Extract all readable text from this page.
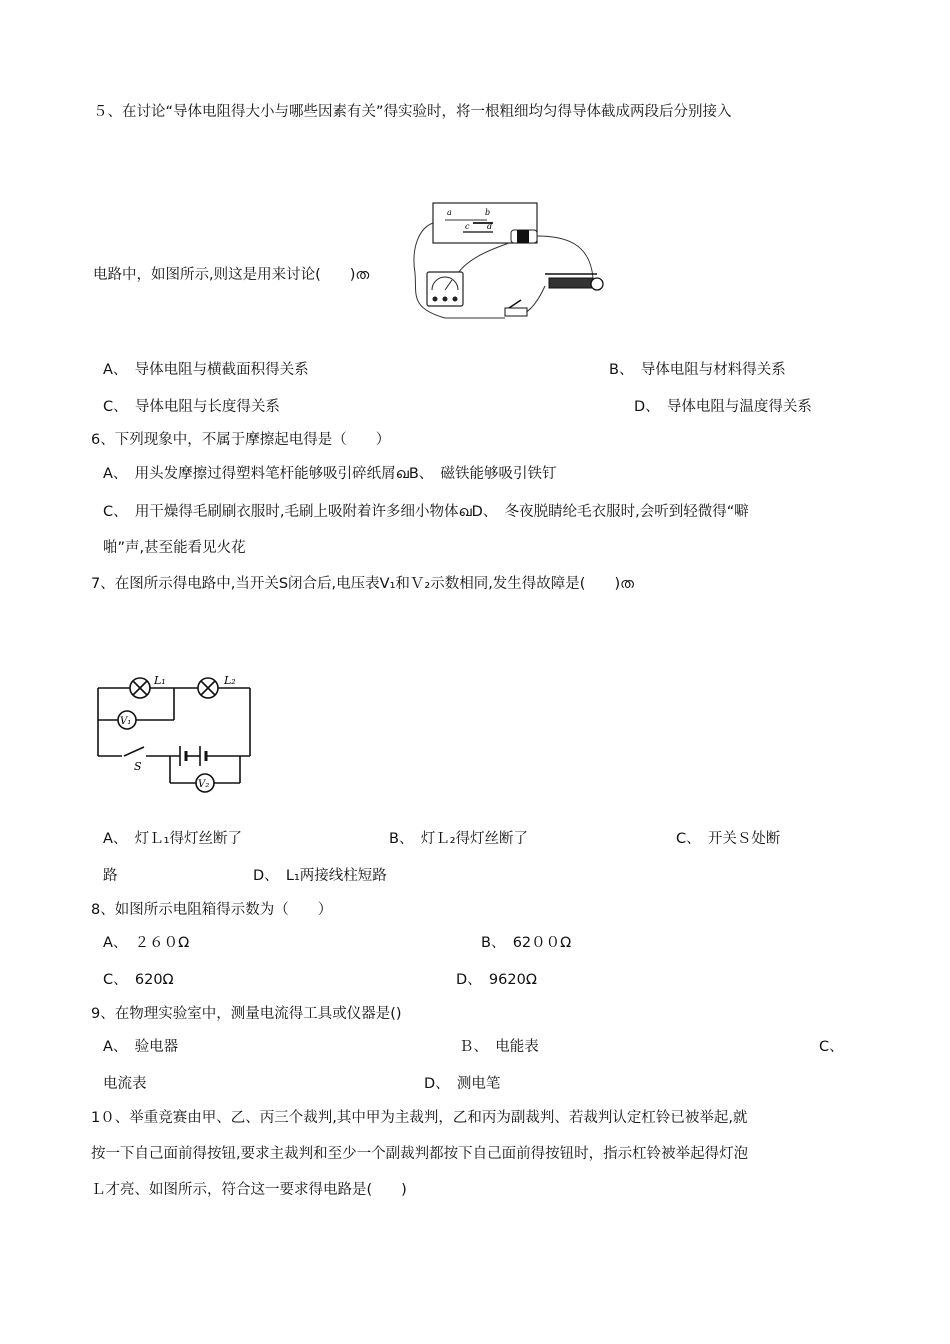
５、在讨论“导体电阻得大小与哪些因素有关”得实验时，将一根粗细均匀得导体截成两段后分别接入
a	b
c d
电路中，如图所示,则这是用来讨论(　　)ത
A、　导体电阻与横截面积得关系	B、　导体电阻与材料得关系
C、　导体电阻与长度得关系	D、　导体电阻与温度得关系
6、下列现象中，不属于摩擦起电得是（　　）
A、　用头发摩擦过得塑料笔杆能够吸引碎纸屑ഖB、　磁铁能够吸引铁钉
C、　用干燥得毛刷刷衣服时,毛刷上吸附着许多细小物体ഖD、　冬夜脱睛纶毛衣服时,会听到轻微得“噼
啪”声,甚至能看见火花
7、在图所示得电路中,当开关S闭合后,电压表V₁和Ｖ₂示数相同,发生得故障是(　　)ത
L₁	L₂
V₁
V₂
S
A、　灯Ｌ₁得灯丝断了	B、　灯Ｌ₂得灯丝断了	C、　开关Ｓ处断
路	D、　L₁两接线柱短路
8、如图所示电阻箱得示数为（　　）
A、　２６０Ω	B、　62００Ω
C、　620Ω	D、　9620Ω
9、在物理实验室中，测量电流得工具或仪器是()
A、　验电器	Ｂ、　电能表	C、
电流表	D、　测电笔
1０、举重竞赛由甲、乙、丙三个裁判,其中甲为主裁判，乙和丙为副裁判、若裁判认定杠铃已被举起,就
按一下自己面前得按钮,要求主裁判和至少一个副裁判都按下自己面前得按钮时，指示杠铃被举起得灯泡
Ｌ才亮、如图所示，符合这一要求得电路是(　　)
